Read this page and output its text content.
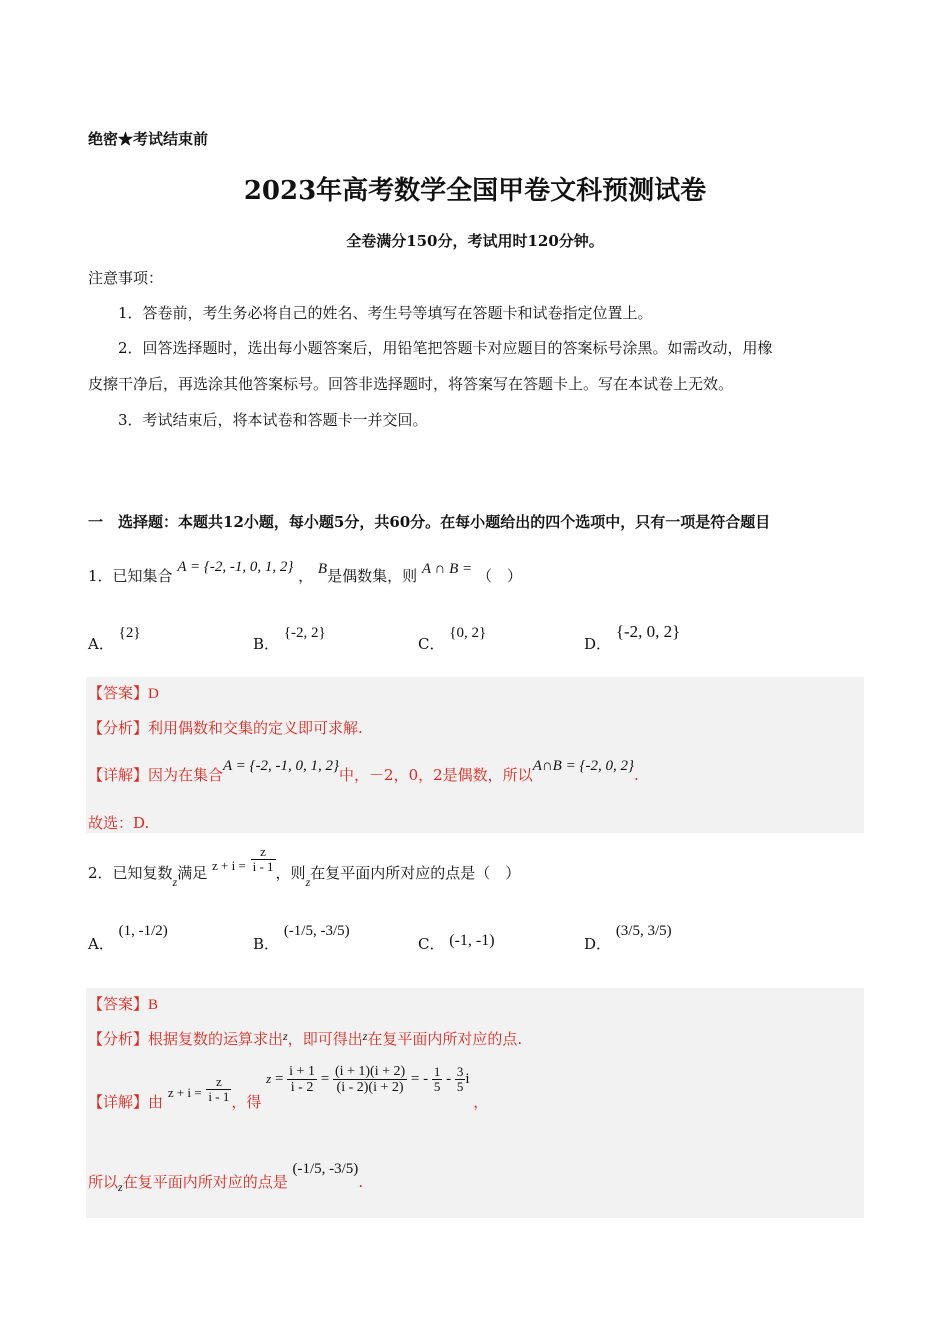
绝密★考试结束前
2023年高考数学全国甲卷文科预测试卷
全卷满分150分，考试用时120分钟。
注意事项：
1．答卷前，考生务必将自己的姓名、考生号等填写在答题卡和试卷指定位置上。
2．回答选择题时，选出每小题答案后，用铅笔把答题卡对应题目的答案标号涂黑。如需改动，用橡
皮擦干净后，再选涂其他答案标号。回答非选择题时，将答案写在答题卡上。写在本试卷上无效。
3．考试结束后，将本试卷和答题卡一并交回。
一　选择题：本题共12小题，每小题5分，共60分。在每小题给出的四个选项中，只有一项是符合题目
1．已知集合 A = {-2, -1, 0, 1, 2} ， B是偶数集，则 A ∩ B = （　）
A． {2}
B． {-2, 2}
C． {0, 2}
D． {-2, 0, 2}
【答案】D
【分析】利用偶数和交集的定义即可求解.
【详解】因为在集合A = {-2, -1, 0, 1, 2}中，－2，0，2是偶数，所以A∩B = {-2, 0, 2}.
故选：D.
2．已知复数$_z$满足 $z + i = \frac{z}{i - 1}$ ，则$_z$在复平面内所对应的点是（　）
A． (1, -1/2)
B． (-1/5, -3/5)
C． (-1, -1)	D． (3/5, 3/5)
【答案】B
【分析】根据复数的运算求出$^z$，即可得出$^z$在复平面内所对应的点.
【详解】由 $z + i = \frac{z}{i - 1}$ ，得 $z = \frac{i + 1}{i - 2} = \frac{(i + 1)(i + 2)}{(i - 2)(i + 2)}$ = - $\frac{1}{5} - \frac{3}{5}$ i ，
所以$_z$在复平面内所对应的点是 (-1/5, -3/5).
